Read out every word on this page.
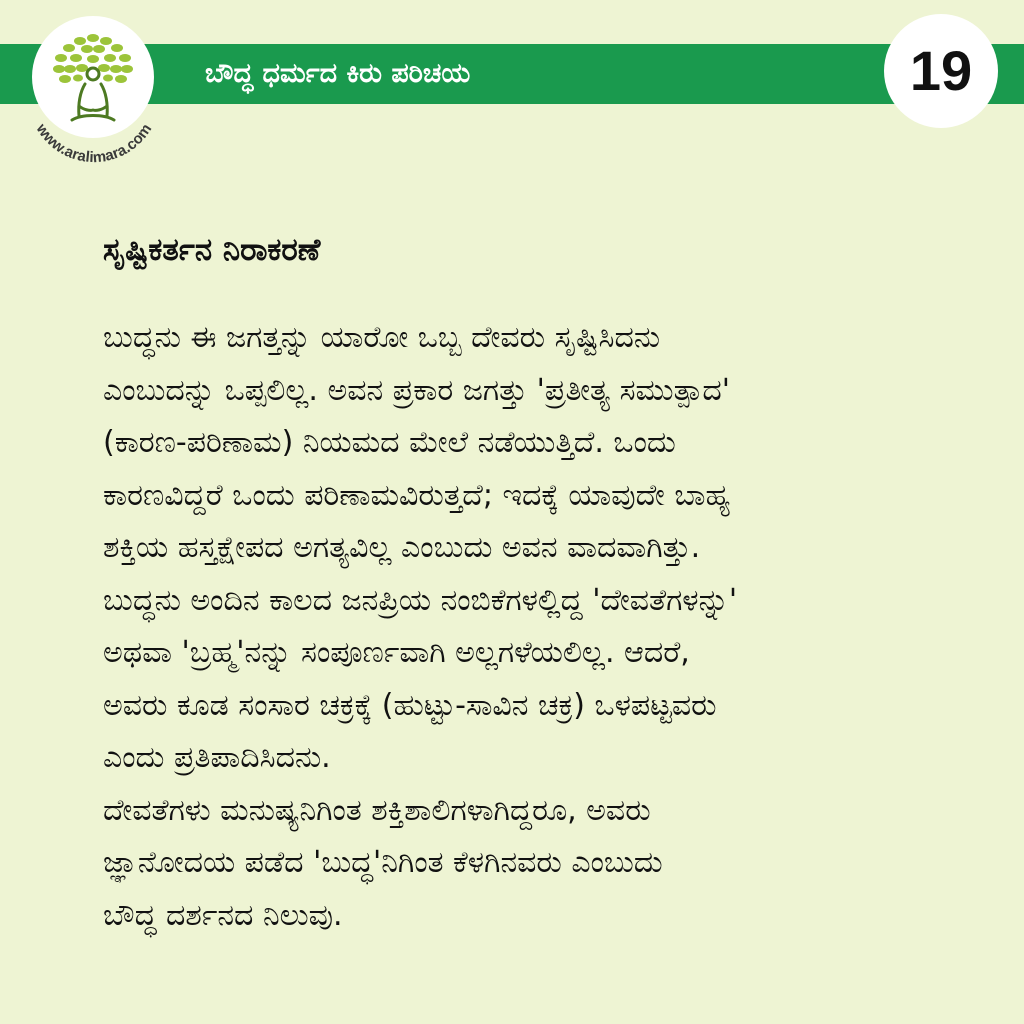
ಬೌದ್ಧ ಧರ್ಮದ ಕಿರು ಪರಿಚಯ
www.aralimara.com
19
ಸೃಷ್ಟಿಕರ್ತನ ನಿರಾಕರಣೆ
ಬುದ್ಧನು ಈ ಜಗತ್ತನ್ನು ಯಾರೋ ಒಬ್ಬ ದೇವರು ಸೃಷ್ಟಿಸಿದನು
ಎಂಬುದನ್ನು ಒಪ್ಪಲಿಲ್ಲ. ಅವನ ಪ್ರಕಾರ ಜಗತ್ತು 'ಪ್ರತೀತ್ಯ ಸಮುತ್ಪಾದ'
(ಕಾರಣ-ಪರಿಣಾಮ) ನಿಯಮದ ಮೇಲೆ ನಡೆಯುತ್ತಿದೆ. ಒಂದು
ಕಾರಣವಿದ್ದರೆ ಒಂದು ಪರಿಣಾಮವಿರುತ್ತದೆ; ಇದಕ್ಕೆ ಯಾವುದೇ ಬಾಹ್ಯ
ಶಕ್ತಿಯ ಹಸ್ತಕ್ಷೇಪದ ಅಗತ್ಯವಿಲ್ಲ ಎಂಬುದು ಅವನ ವಾದವಾಗಿತ್ತು.
ಬುದ್ಧನು ಅಂದಿನ ಕಾಲದ ಜನಪ್ರಿಯ ನಂಬಿಕೆಗಳಲ್ಲಿದ್ದ 'ದೇವತೆಗಳನ್ನು'
ಅಥವಾ 'ಬ್ರಹ್ಮ'ನನ್ನು ಸಂಪೂರ್ಣವಾಗಿ ಅಲ್ಲಗಳೆಯಲಿಲ್ಲ. ಆದರೆ,
ಅವರು ಕೂಡ ಸಂಸಾರ ಚಕ್ರಕ್ಕೆ (ಹುಟ್ಟು-ಸಾವಿನ ಚಕ್ರ) ಒಳಪಟ್ಟವರು
ಎಂದು ಪ್ರತಿಪಾದಿಸಿದನು.
ದೇವತೆಗಳು ಮನುಷ್ಯನಿಗಿಂತ ಶಕ್ತಿಶಾಲಿಗಳಾಗಿದ್ದರೂ, ಅವರು
ಜ್ಞಾನೋದಯ ಪಡೆದ 'ಬುದ್ಧ'ನಿಗಿಂತ ಕೆಳಗಿನವರು ಎಂಬುದು
ಬೌದ್ಧ ದರ್ಶನದ ನಿಲುವು.
